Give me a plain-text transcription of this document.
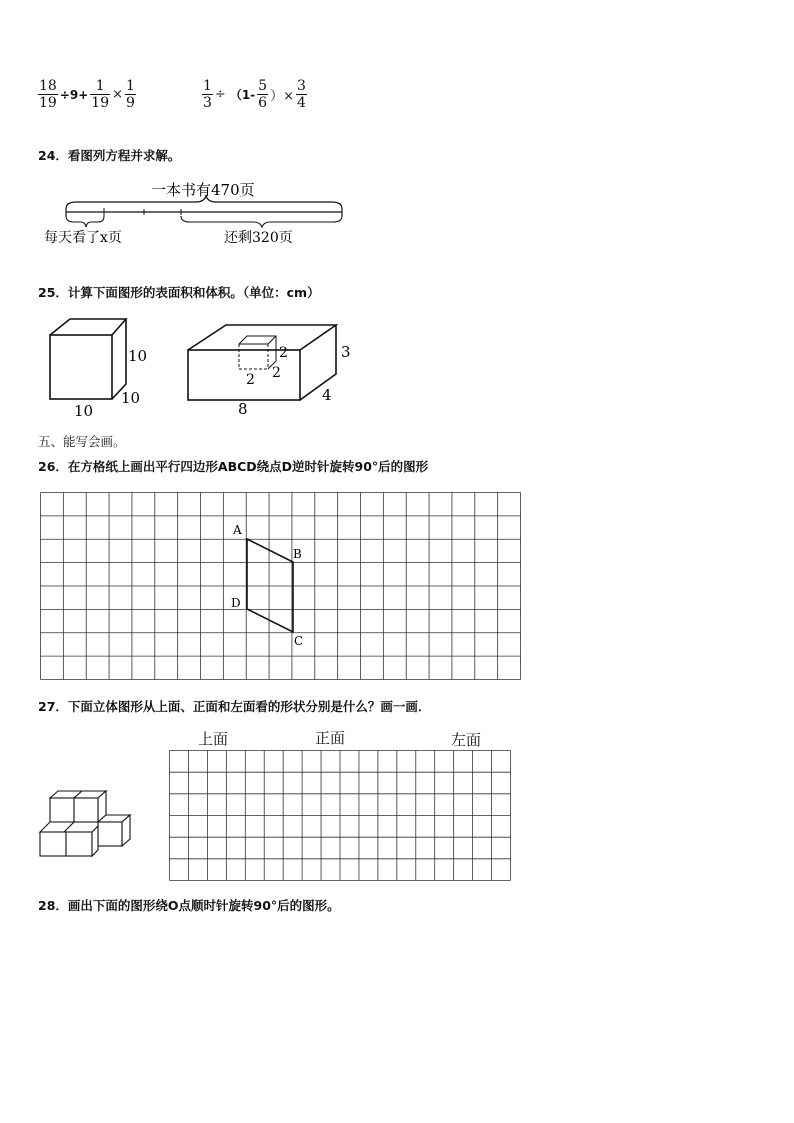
$\frac{18}{19} \div 9+ \frac{1}{19} \times \frac{1}{9}$	$\frac{1}{3} \div (1- \frac{5}{6}$ ）× $\frac{3}{4}$
24．看图列方程并求解。
一本书有470页
每天看了x页	还剩320页
25．计算下面图形的表面积和体积。（单位：cm）
10
10
10
2
2
2
3
4
8
五、能写会画。
26．在方格纸上画出平行四边形ABCD绕点D逆时针旋转90°后的图形
A
B
D
C
27．下面立体图形从上面、正面和左面看的形状分别是什么？画一画．
上面	正面	左面
28．画出下面的图形绕O点顺时针旋转90°后的图形。
